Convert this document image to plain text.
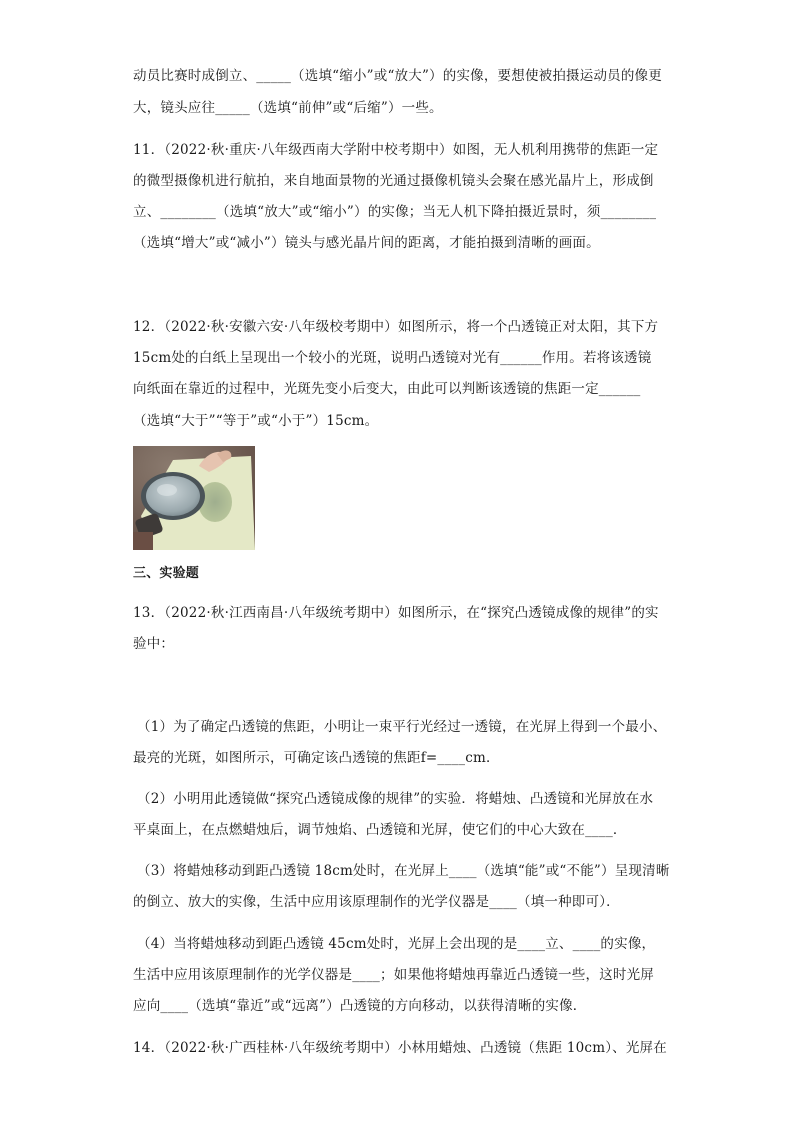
动员比赛时成倒立、_____（选填“缩小”或“放大”）的实像，要想使被拍摄运动员的像更
大，镜头应往_____（选填“前伸”或“后缩”）一些。
11．（2022·秋·重庆·八年级西南大学附中校考期中）如图，无人机利用携带的焦距一定
的微型摄像机进行航拍，来自地面景物的光通过摄像机镜头会聚在感光晶片上，形成倒
立、________（选填“放大”或“缩小”）的实像；当无人机下降拍摄近景时，须________
（选填“增大”或“减小”）镜头与感光晶片间的距离，才能拍摄到清晰的画面。
12．（2022·秋·安徽六安·八年级校考期中）如图所示，将一个凸透镜正对太阳，其下方
15cm处的白纸上呈现出一个较小的光斑，说明凸透镜对光有______作用。若将该透镜
向纸面在靠近的过程中，光斑先变小后变大，由此可以判断该透镜的焦距一定______
（选填“大于”“等于”或“小于”）15cm。
三、实验题
13．（2022·秋·江西南昌·八年级统考期中）如图所示，在“探究凸透镜成像的规律”的实
验中：
（1）为了确定凸透镜的焦距，小明让一束平行光经过一透镜，在光屏上得到一个最小、
最亮的光斑，如图所示，可确定该凸透镜的焦距f=____cm．
（2）小明用此透镜做“探究凸透镜成像的规律”的实验．将蜡烛、凸透镜和光屏放在水
平桌面上，在点燃蜡烛后，调节烛焰、凸透镜和光屏，使它们的中心大致在____．
（3）将蜡烛移动到距凸透镜 18cm处时，在光屏上____（选填“能”或“不能”）呈现清晰
的倒立、放大的实像，生活中应用该原理制作的光学仪器是____（填一种即可）．
（4）当将蜡烛移动到距凸透镜 45cm处时，光屏上会出现的是____立、____的实像，
生活中应用该原理制作的光学仪器是____；如果他将蜡烛再靠近凸透镜一些，这时光屏
应向____（选填“靠近”或“远离”）凸透镜的方向移动，以获得清晰的实像．
14．（2022·秋·广西桂林·八年级统考期中）小林用蜡烛、凸透镜（焦距 10cm）、光屏在
